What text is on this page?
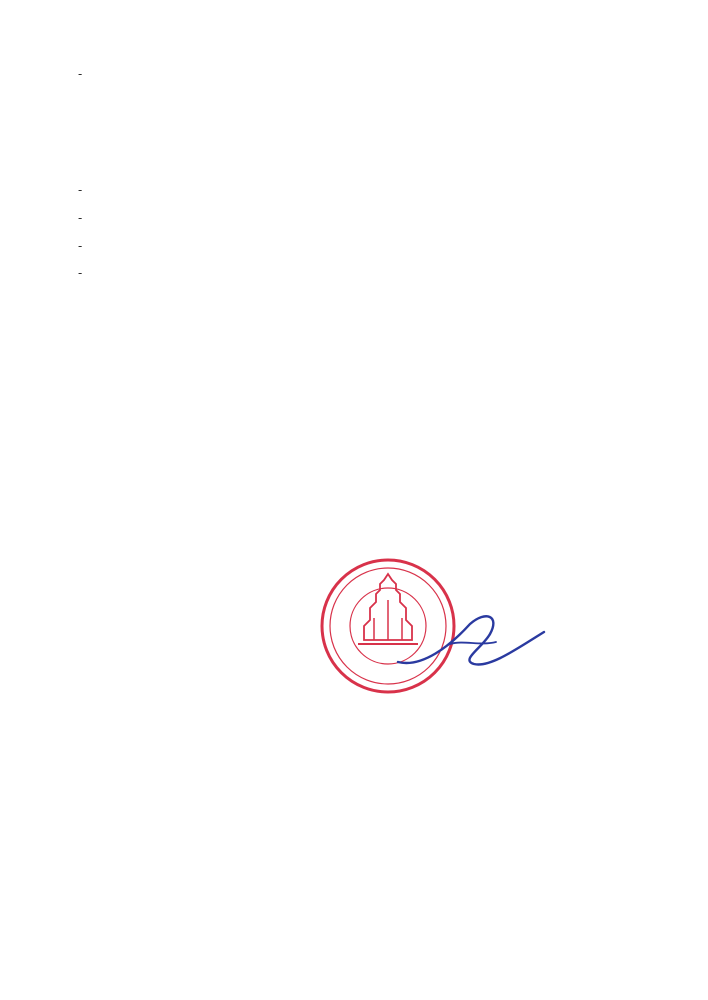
-
-
-
-
-
